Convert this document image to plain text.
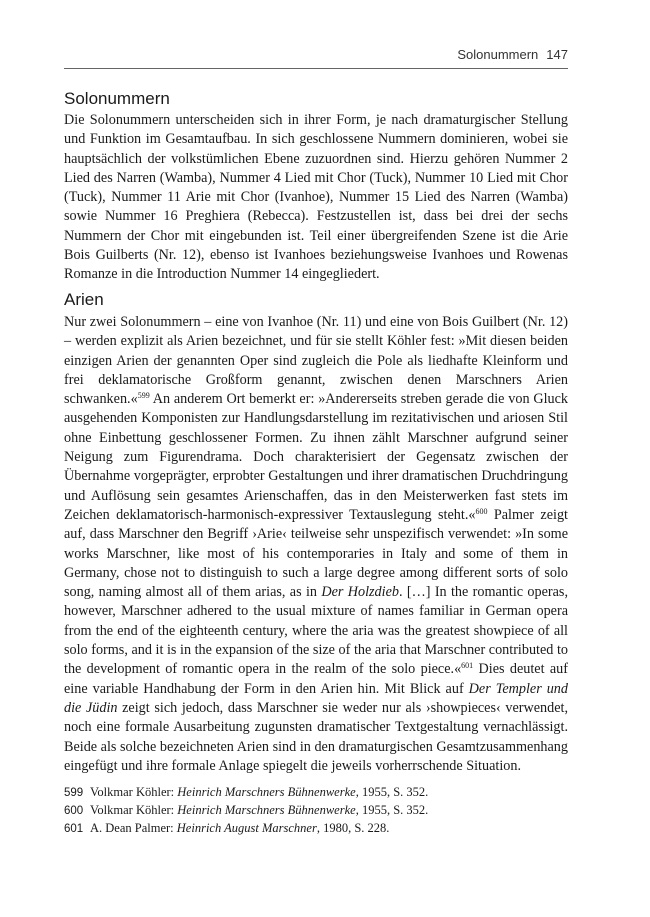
Solonummern 147
Solonummern

Die Solonummern unterscheiden sich in ihrer Form, je nach dramaturgischer Stellung und Funktion im Gesamtaufbau. In sich geschlossene Nummern dominieren, wobei sie hauptsächlich der volkstümlichen Ebene zuzuordnen sind. Hierzu gehören Nummer 2 Lied des Narren (Wamba), Nummer 4 Lied mit Chor (Tuck), Nummer 10 Lied mit Chor (Tuck), Nummer 11 Arie mit Chor (Ivanhoe), Nummer 15 Lied des Narren (Wamba) sowie Nummer 16 Preghiera (Rebecca). Festzustellen ist, dass bei drei der sechs Nummern der Chor mit eingebunden ist. Teil einer übergreifenden Szene ist die Arie Bois Guilberts (Nr. 12), ebenso ist Ivanhoes beziehungsweise Ivanhoes und Rowenas Romanze in die Introduction Nummer 14 eingegliedert.

Arien

Nur zwei Solonummern – eine von Ivanhoe (Nr. 11) und eine von Bois Guilbert (Nr. 12) – werden explizit als Arien bezeichnet, und für sie stellt Köhler fest: »Mit diesen beiden einzigen Arien der genannten Oper sind zugleich die Pole als liedhafte Kleinform und frei deklamatorische Großform genannt, zwischen denen Marschners Arien schwanken.«$^{599}$ An anderem Ort bemerkt er: »Andererseits streben gerade die von Gluck ausgehenden Komponisten zur Handlungsdarstellung im rezitativischen und ariosen Stil ohne Einbettung geschlossener Formen. Zu ihnen zählt Marschner aufgrund seiner Neigung zum Figurendrama. Doch charakterisiert der Gegensatz zwischen der Übernahme vorgeprägter, erprobter Gestaltungen und ihrer dramatischen Druchdringung und Auflösung sein gesamtes Arienschaffen, das in den Meisterwerken fast stets im Zeichen deklamatorisch-harmonisch-expressiver Textauslegung steht.«$^{600}$ Palmer zeigt auf, dass Marschner den Begriff ›Arie‹ teilweise sehr unspezifisch verwendet: »In some works Marschner, like most of his contemporaries in Italy and some of them in Germany, chose not to distinguish to such a large degree among different sorts of solo song, naming almost all of them arias, as in Der Holzdieb. […] In the romantic operas, however, Marschner adhered to the usual mixture of names familiar in German opera from the end of the eighteenth century, where the aria was the greatest showpiece of all solo forms, and it is in the expansion of the size of the aria that Marschner contributed to the development of romantic opera in the realm of the solo piece.«$^{601}$ Dies deutet auf eine variable Handhabung der Form in den Arien hin. Mit Blick auf Der Templer und die Jüdin zeigt sich jedoch, dass Marschner sie weder nur als ›showpieces‹ verwendet, noch eine formale Ausarbeitung zugunsten dramatischer Textgestaltung vernachlässigt. Beide als solche bezeichneten Arien sind in den dramaturgischen Gesamtzusammenhang eingefügt und ihre formale Anlage spiegelt die jeweils vorherrschende Situation.

599 Volkmar Köhler: Heinrich Marschners Bühnenwerke, 1955, S. 352.
600 Volkmar Köhler: Heinrich Marschners Bühnenwerke, 1955, S. 352.
601 A. Dean Palmer: Heinrich August Marschner, 1980, S. 228.
